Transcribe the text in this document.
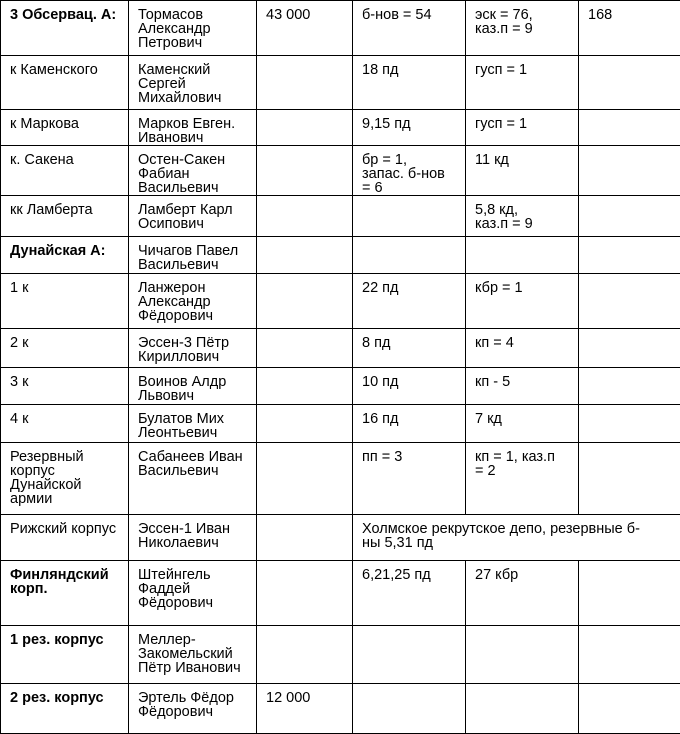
3 Обсервац. А:	Тормасов
Александр
Петрович	43 000	б-нов = 54	эск = 76,
каз.п = 9	168

к Каменского	Каменский
Сергей
Михайлович		18 пд	гусп = 1	

к Маркова	Марков Евген.
Иванович		9,15 пд	гусп = 1	

к. Сакена	Остен-Сакен
Фабиан
Васильевич		бр = 1,
запас. б-нов
= 6	11 кд	

кк Ламберта	Ламберт Карл
Осипович			5,8 кд,
каз.п = 9	

Дунайская А:	Чичагов Павел
Васильевич				

1 к	Ланжерон
Александр
Фёдорович		22 пд	кбр = 1	

2 к	Эссен-3 Пётр
Кириллович		8 пд	кп = 4	

3 к	Воинов Алдр
Львович		10 пд	кп - 5	

4 к	Булатов Мих
Леонтьевич		16 пд	7 кд	

Резервный
корпус
Дунайской
армии	Сабанеев Иван
Васильевич		пп = 3	кп = 1, каз.п
= 2	

Рижский корпус	Эссен-1 Иван
Николаевич		Холмское рекрутское депо, резервные б-
ны 5,31 пд		

Финляндский
корп.	Штейнгель
Фаддей
Фёдорович		6,21,25 пд	27 кбр	

1 рез. корпус	Меллер-
Закомельский
Пётр Иванович				

2 рез. корпус	Эртель Фёдор
Фёдорович	12 000			
